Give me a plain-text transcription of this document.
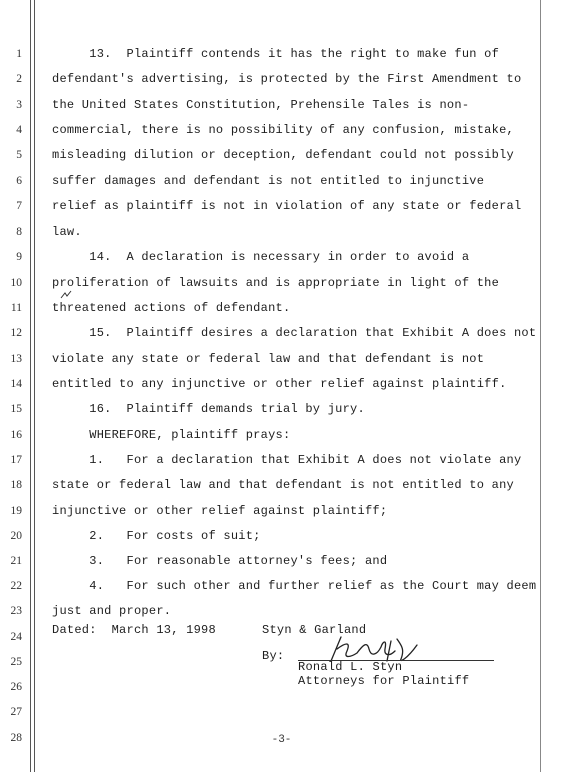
1
2
3
4
5
6
7
8
9
10
11
12
13
14
15
16
17
18
19
20
21
22
23
24
25
26
27
28
13.  Plaintiff contends it has the right to make fun of
defendant's advertising, is protected by the First Amendment to
the United States Constitution, Prehensile Tales is non-
commercial, there is no possibility of any confusion, mistake,
misleading dilution or deception, defendant could not possibly
suffer damages and defendant is not entitled to injunctive
relief as plaintiff is not in violation of any state or federal
law.
14.  A declaration is necessary in order to avoid a
proliferation of lawsuits and is appropriate in light of the
threatened actions of defendant.
15.  Plaintiff desires a declaration that Exhibit A does not
violate any state or federal law and that defendant is not
entitled to any injunctive or other relief against plaintiff.
16.  Plaintiff demands trial by jury.
WHEREFORE, plaintiff prays:
1.   For a declaration that Exhibit A does not violate any
state or federal law and that defendant is not entitled to any
injunctive or other relief against plaintiff;
2.   For costs of suit;
3.   For reasonable attorney's fees; and
4.   For such other and further relief as the Court may deem
just and proper.
Dated:  March 13, 1998	Styn & Garland
By:
Ronald L. Styn
Attorneys for Plaintiff
-3-
